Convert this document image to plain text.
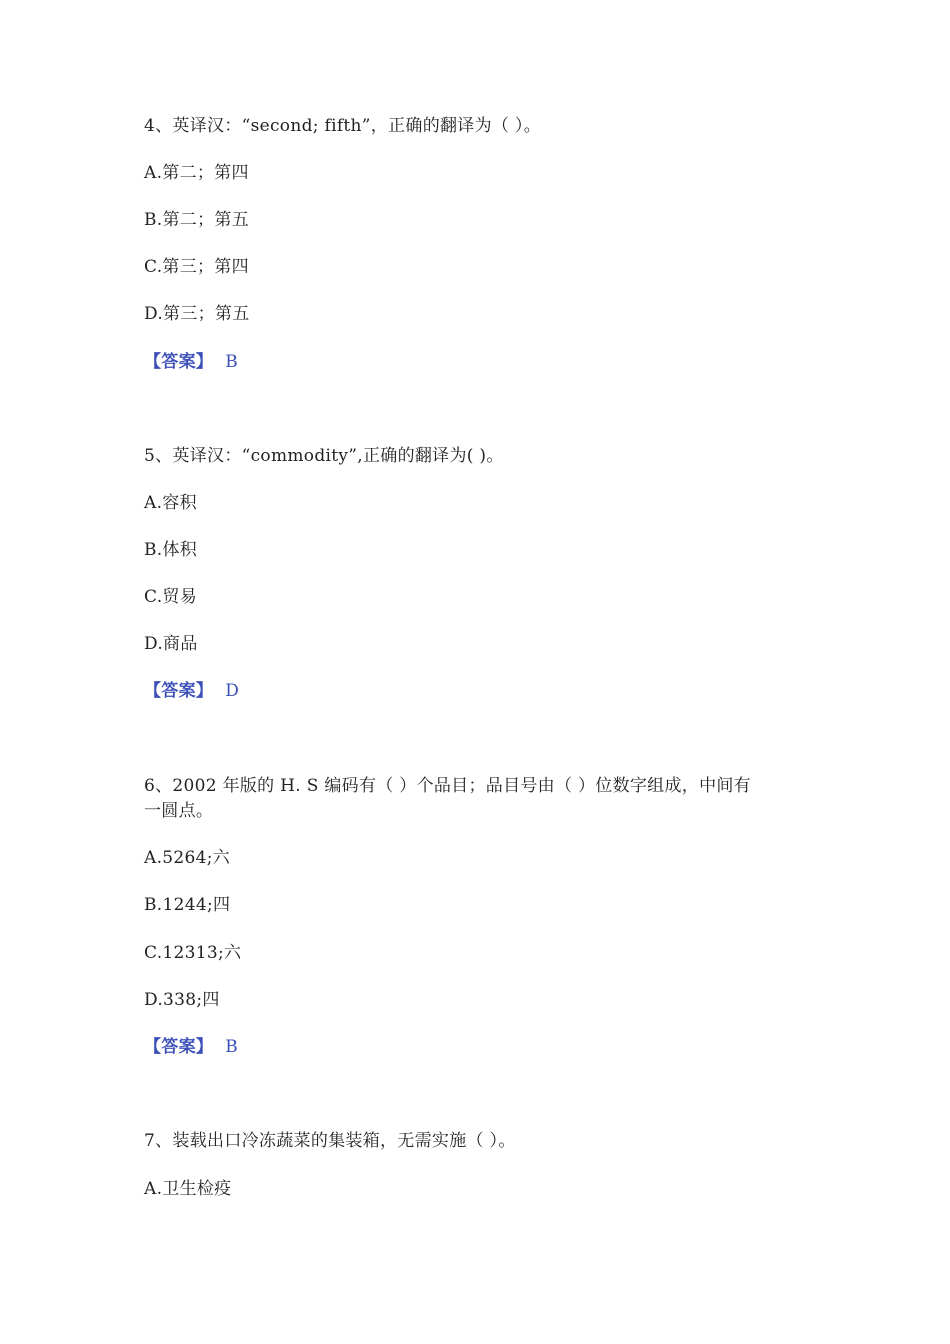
4、英译汉：“second; fifth”，正确的翻译为（ ）。
A.第二；第四
B.第二；第五
C.第三；第四
D.第三；第五
【答案】 B
5、英译汉：“commodity”,正确的翻译为( )。
A.容积
B.体积
C.贸易
D.商品
【答案】 D
6、2002 年版的 H. S 编码有（ ）个品目；品目号由（ ）位数字组成，中间有
一圆点。
A.5264;六
B.1244;四
C.12313;六
D.338;四
【答案】 B
7、装载出口冷冻蔬菜的集装箱，无需实施（ ）。
A.卫生检疫
